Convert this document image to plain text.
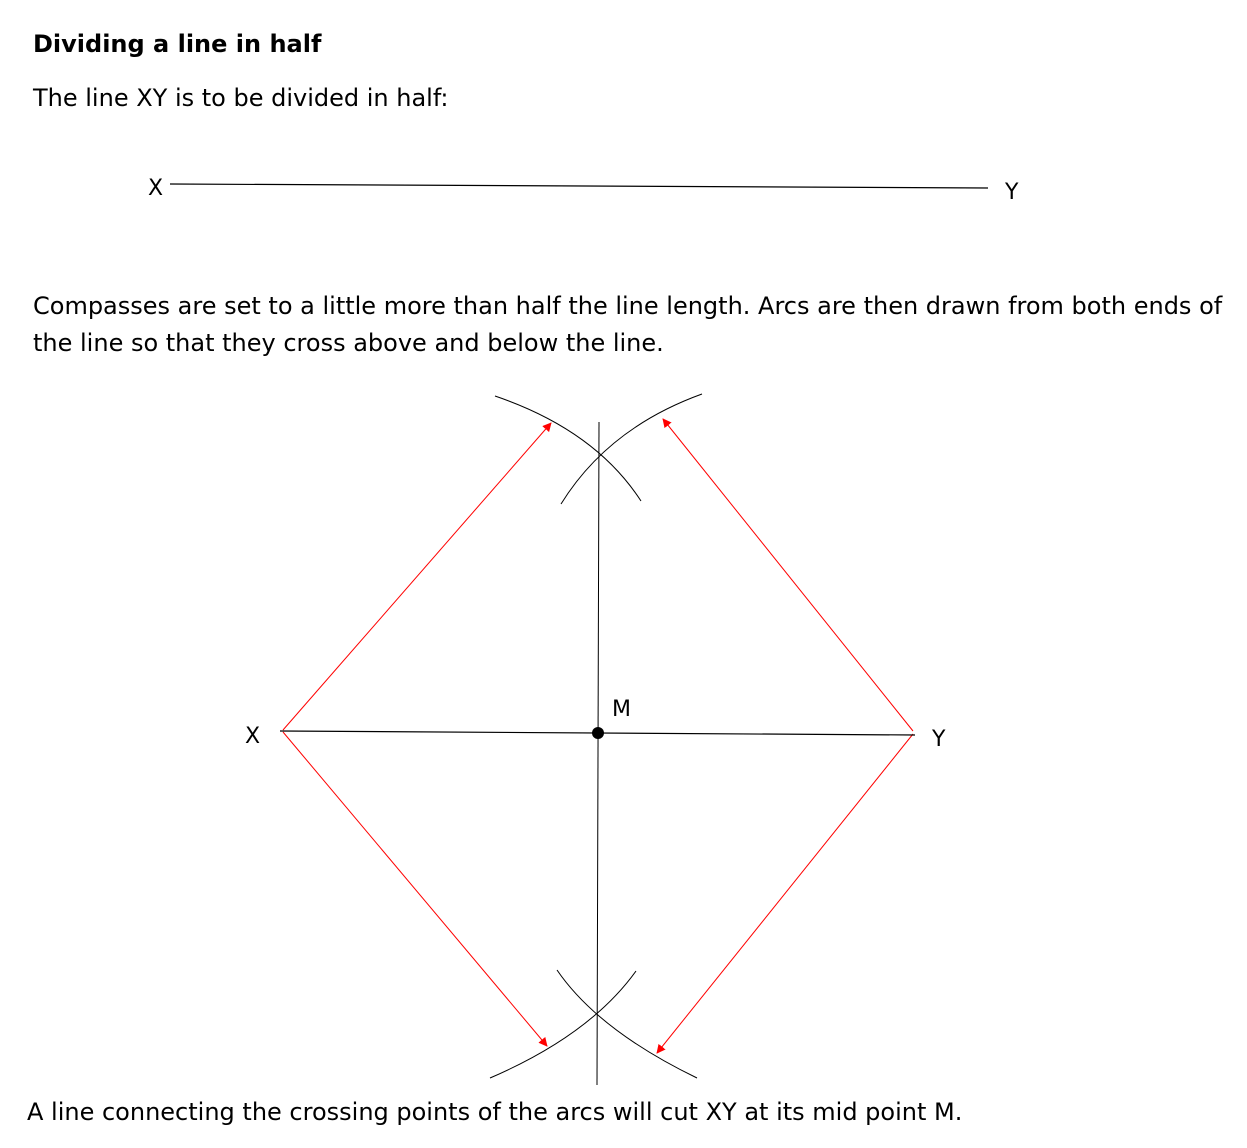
Dividing a line in half
The line XY is to be divided in half:
X	Y
X	Y
M
Compasses are set to a little more than half the line length. Arcs are then drawn from both ends of
the line so that they cross above and below the line.
A line connecting the crossing points of the arcs will cut XY at its mid point M.
